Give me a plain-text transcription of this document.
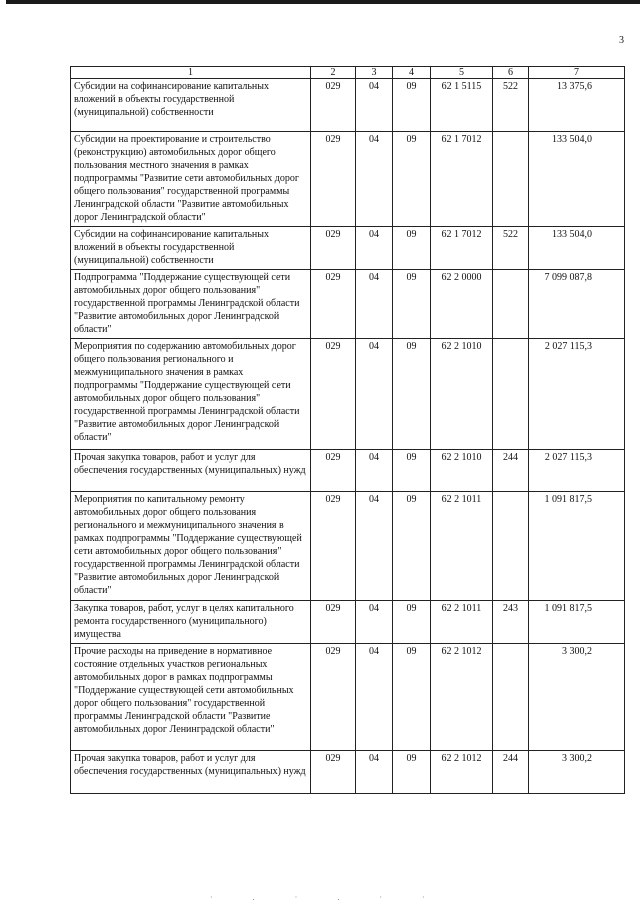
3
1	2	3	4	5	6	7
Субсидии на софинансирование капитальных вложений в объекты государственной (муниципальной) собственности	029	04	09	62 1 5115	522	13 375,6
Субсидии на проектирование и строительство (реконструкцию) автомобильных дорог общего пользования местного значения в рамках подпрограммы "Развитие сети автомобильных дорог общего пользования" государственной программы Ленинградской области "Развитие автомобильных дорог Ленинградской области"	029	04	09	62 1 7012		133 504,0
Субсидии на софинансирование капитальных вложений в объекты государственной (муниципальной) собственности	029	04	09	62 1 7012	522	133 504,0
Подпрограмма "Поддержание существующей сети автомобильных дорог общего пользования" государственной программы Ленинградской области "Развитие автомобильных дорог Ленинградской области"	029	04	09	62 2 0000		7 099 087,8
Мероприятия по содержанию автомобильных дорог общего пользования регионального и межмуниципального значения в рамках подпрограммы "Поддержание существующей сети автомобильных дорог общего пользования" государственной программы Ленинградской области "Развитие автомобильных дорог Ленинградской области"	029	04	09	62 2 1010		2 027 115,3
Прочая закупка товаров, работ и услуг для обеспечения государственных (муниципальных) нужд	029	04	09	62 2 1010	244	2 027 115,3
Мероприятия по капитальному ремонту автомобильных дорог общего пользования регионального и межмуниципального значения в рамках подпрограммы "Поддержание существующей сети автомобильных дорог общего пользования" государственной программы Ленинградской области "Развитие автомобильных дорог Ленинградской области"	029	04	09	62 2 1011		1 091 817,5
Закупка товаров, работ, услуг в целях капитального ремонта государственного (муниципального) имущества	029	04	09	62 2 1011	243	1 091 817,5
Прочие расходы на приведение в нормативное состояние отдельных участков региональных автомобильных дорог в рамках подпрограммы "Поддержание существующей сети автомобильных дорог общего пользования" государственной программы Ленинградской области "Развитие автомобильных дорог Ленинградской области"	029	04	09	62 2 1012		3 300,2
Прочая закупка товаров, работ и услуг для обеспечения государственных (муниципальных) нужд	029	04	09	62 2 1012	244	3 300,2
·.·.··
